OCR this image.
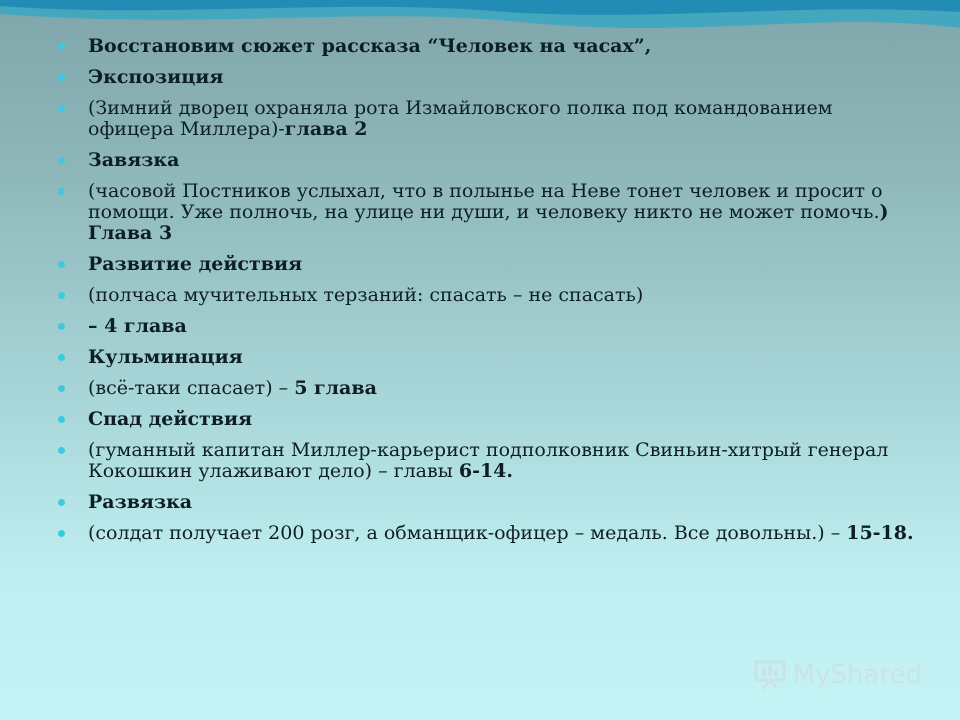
Восстановим сюжет рассказа “Человек на часах”,
Экспозиция
(Зимний дворец охраняла рота Измайловского полка под командованием офицера Миллера)-глава 2
Завязка
(часовой Постников услыхал, что в полынье на Неве тонет человек и просит о помощи. Уже полночь, на улице ни души, и человеку никто не может помочь.) Глава 3
Развитие действия
(полчаса мучительных терзаний: спасать – не спасать)
– 4 глава
Кульминация
(всё-таки спасает) – 5 глава
Спад действия
(гуманный капитан Миллер-карьерист подполковник Свиньин-хитрый генерал Кокошкин улаживают дело) – главы 6-14.
Развязка
(солдат получает 200 розг, а обманщик-офицер – медаль. Все довольны.) – 15-18.
MyShared
